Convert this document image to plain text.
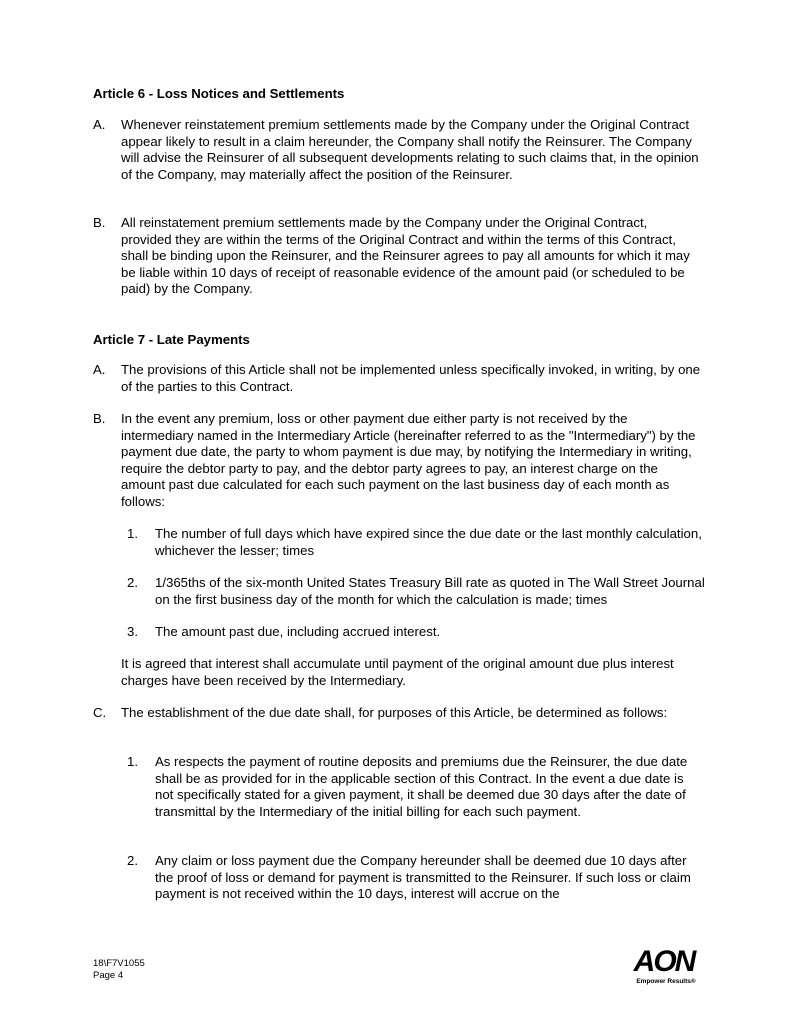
Article 6 - Loss Notices and Settlements
A. Whenever reinstatement premium settlements made by the Company under the Original Contract appear likely to result in a claim hereunder, the Company shall notify the Reinsurer. The Company will advise the Reinsurer of all subsequent developments relating to such claims that, in the opinion of the Company, may materially affect the position of the Reinsurer.
B. All reinstatement premium settlements made by the Company under the Original Contract, provided they are within the terms of the Original Contract and within the terms of this Contract, shall be binding upon the Reinsurer, and the Reinsurer agrees to pay all amounts for which it may be liable within 10 days of receipt of reasonable evidence of the amount paid (or scheduled to be paid) by the Company.
Article 7 - Late Payments
A. The provisions of this Article shall not be implemented unless specifically invoked, in writing, by one of the parties to this Contract.
B. In the event any premium, loss or other payment due either party is not received by the intermediary named in the Intermediary Article (hereinafter referred to as the "Intermediary") by the payment due date, the party to whom payment is due may, by notifying the Intermediary in writing, require the debtor party to pay, and the debtor party agrees to pay, an interest charge on the amount past due calculated for each such payment on the last business day of each month as follows:
1. The number of full days which have expired since the due date or the last monthly calculation, whichever the lesser; times
2. 1/365ths of the six-month United States Treasury Bill rate as quoted in The Wall Street Journal on the first business day of the month for which the calculation is made; times
3. The amount past due, including accrued interest.
It is agreed that interest shall accumulate until payment of the original amount due plus interest charges have been received by the Intermediary.
C. The establishment of the due date shall, for purposes of this Article, be determined as follows:
1. As respects the payment of routine deposits and premiums due the Reinsurer, the due date shall be as provided for in the applicable section of this Contract. In the event a due date is not specifically stated for a given payment, it shall be deemed due 30 days after the date of transmittal by the Intermediary of the initial billing for each such payment.
2. Any claim or loss payment due the Company hereunder shall be deemed due 10 days after the proof of loss or demand for payment is transmitted to the Reinsurer. If such loss or claim payment is not received within the 10 days, interest will accrue on the
18\F7V1055
Page 4	AON
Empower Results®
